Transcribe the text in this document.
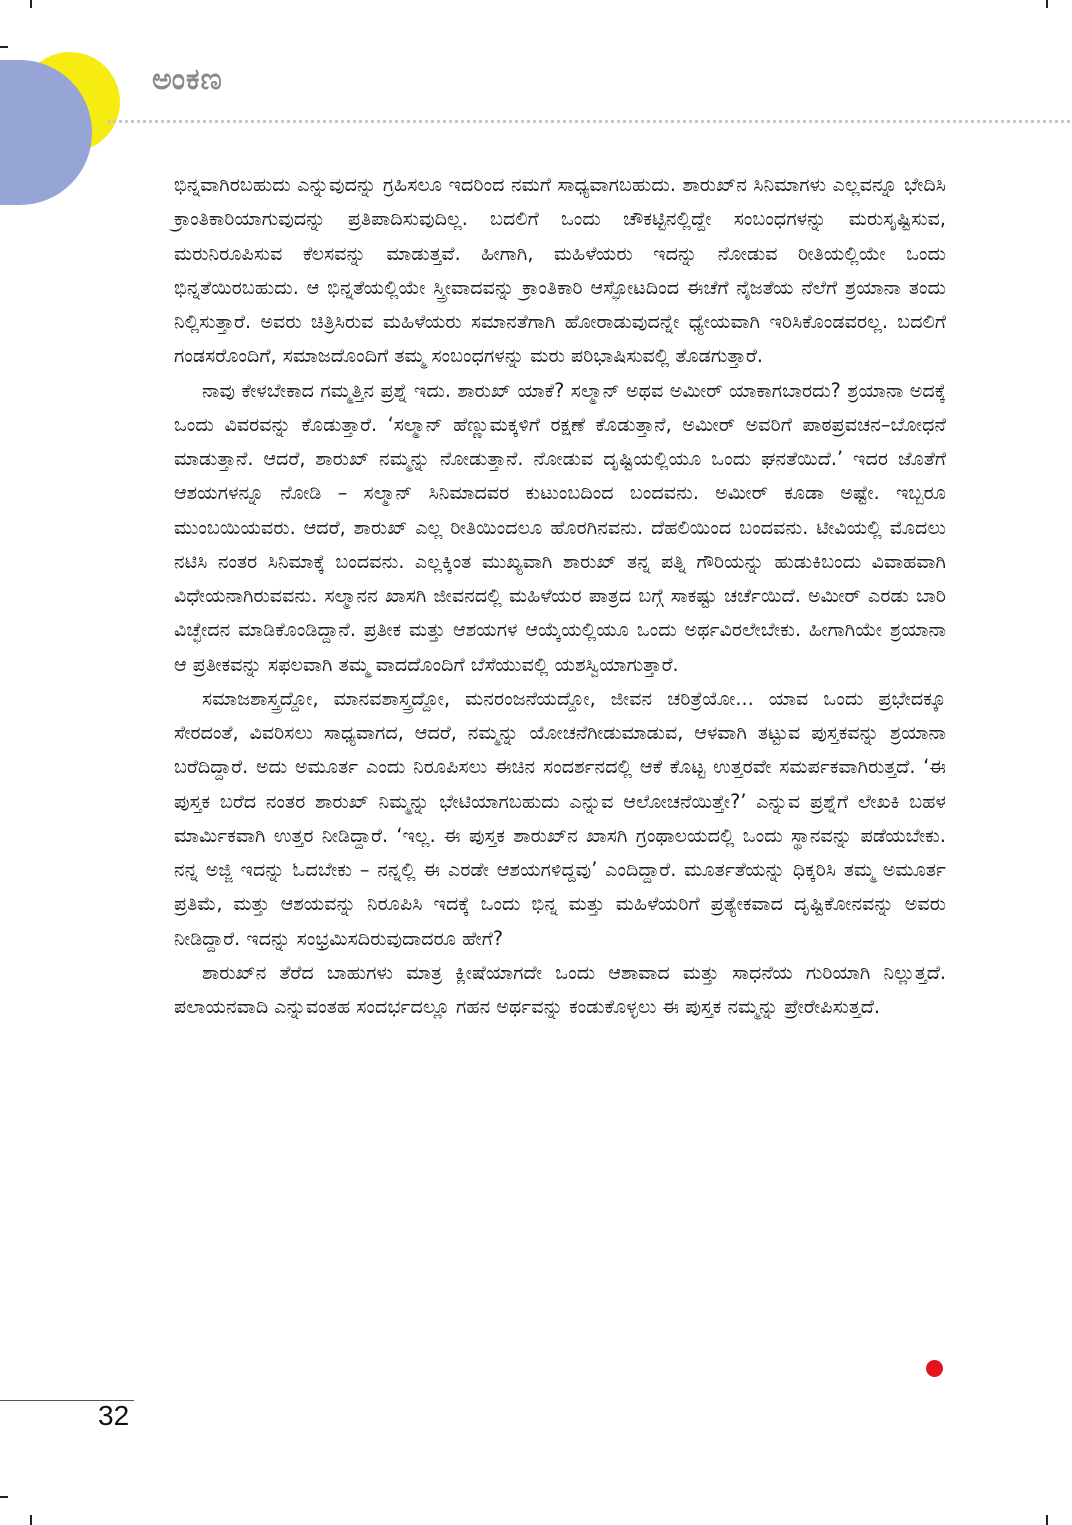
ಅಂಕಣ

ಭಿನ್ನವಾಗಿರಬಹುದು ಎನ್ನುವುದನ್ನು ಗ್ರಹಿಸಲೂ ಇದರಿಂದ ನಮಗೆ ಸಾಧ್ಯವಾಗಬಹುದು. ಶಾರುಖ್‌ನ ಸಿನಿಮಾಗಳು ಎಲ್ಲವನ್ನೂ ಭೇದಿಸಿ ಕ್ರಾಂತಿಕಾರಿಯಾಗುವುದನ್ನು ಪ್ರತಿಪಾದಿಸುವುದಿಲ್ಲ. ಬದಲಿಗೆ ಒಂದು ಚೌಕಟ್ಟಿನಲ್ಲಿದ್ದೇ ಸಂಬಂಧಗಳನ್ನು ಮರುಸೃಷ್ಟಿಸುವ, ಮರುನಿರೂಪಿಸುವ ಕೆಲಸವನ್ನು ಮಾಡುತ್ತವೆ. ಹೀಗಾಗಿ, ಮಹಿಳೆಯರು ಇದನ್ನು ನೋಡುವ ರೀತಿಯಲ್ಲಿಯೇ ಒಂದು ಭಿನ್ನತೆಯಿರಬಹುದು. ಆ ಭಿನ್ನತೆಯಲ್ಲಿಯೇ ಸ್ತ್ರೀವಾದವನ್ನು ಕ್ರಾಂತಿಕಾರಿ ಆಸ್ಫೋಟದಿಂದ ಈಚೆಗೆ ನೈಜತೆಯ ನೆಲೆಗೆ ಶ್ರಯಾನಾ ತಂದು ನಿಲ್ಲಿಸುತ್ತಾರೆ. ಅವರು ಚಿತ್ರಿಸಿರುವ ಮಹಿಳೆಯರು ಸಮಾನತೆಗಾಗಿ ಹೋರಾಡುವುದನ್ನೇ ಧ್ಯೇಯವಾಗಿ ಇರಿಸಿಕೊಂಡವರಲ್ಲ. ಬದಲಿಗೆ ಗಂಡಸರೊಂದಿಗೆ, ಸಮಾಜದೊಂದಿಗೆ ತಮ್ಮ ಸಂಬಂಧಗಳನ್ನು ಮರು ಪರಿಭಾಷಿಸುವಲ್ಲಿ ತೊಡಗುತ್ತಾರೆ.

ನಾವು ಕೇಳಬೇಕಾದ ಗಮ್ಮತ್ತಿನ ಪ್ರಶ್ನೆ ಇದು. ಶಾರುಖ್ ಯಾಕೆ? ಸಲ್ಮಾನ್ ಅಥವ ಅಮೀರ್ ಯಾಕಾಗಬಾರದು? ಶ್ರಯಾನಾ ಅದಕ್ಕೆ ಒಂದು ವಿವರವನ್ನು ಕೊಡುತ್ತಾರೆ. ‘ಸಲ್ಮಾನ್ ಹೆಣ್ಣುಮಕ್ಕಳಿಗೆ ರಕ್ಷಣೆ ಕೊಡುತ್ತಾನೆ, ಅಮೀರ್ ಅವರಿಗೆ ಪಾಠಪ್ರವಚನ–ಬೋಧನೆ ಮಾಡುತ್ತಾನೆ. ಆದರೆ, ಶಾರುಖ್ ನಮ್ಮನ್ನು ನೋಡುತ್ತಾನೆ. ನೋಡುವ ದೃಷ್ಟಿಯಲ್ಲಿಯೂ ಒಂದು ಘನತೆಯಿದೆ.’ ಇದರ ಜೊತೆಗೆ ಆಶಯಗಳನ್ನೂ ನೋಡಿ – ಸಲ್ಮಾನ್ ಸಿನಿಮಾದವರ ಕುಟುಂಬದಿಂದ ಬಂದವನು. ಅಮೀರ್ ಕೂಡಾ ಅಷ್ಟೇ. ಇಬ್ಬರೂ ಮುಂಬಯಿಯವರು. ಆದರೆ, ಶಾರುಖ್ ಎಲ್ಲ ರೀತಿಯಿಂದಲೂ ಹೊರಗಿನವನು. ದೆಹಲಿಯಿಂದ ಬಂದವನು. ಟೀವಿಯಲ್ಲಿ ಮೊದಲು ನಟಿಸಿ ನಂತರ ಸಿನಿಮಾಕ್ಕೆ ಬಂದವನು. ಎಲ್ಲಕ್ಕಿಂತ ಮುಖ್ಯವಾಗಿ ಶಾರುಖ್ ತನ್ನ ಪತ್ನಿ ಗೌರಿಯನ್ನು ಹುಡುಕಿಬಂದು ವಿವಾಹವಾಗಿ ವಿಧೇಯನಾಗಿರುವವನು. ಸಲ್ಮಾನನ ಖಾಸಗಿ ಜೀವನದಲ್ಲಿ ಮಹಿಳೆಯರ ಪಾತ್ರದ ಬಗ್ಗೆ ಸಾಕಷ್ಟು ಚರ್ಚೆಯಿದೆ. ಅಮೀರ್ ಎರಡು ಬಾರಿ ವಿಚ್ಛೇದನ ಮಾಡಿಕೊಂಡಿದ್ದಾನೆ. ಪ್ರತೀಕ ಮತ್ತು ಆಶಯಗಳ ಆಯ್ಕೆಯಲ್ಲಿಯೂ ಒಂದು ಅರ್ಥವಿರಲೇಬೇಕು. ಹೀಗಾಗಿಯೇ ಶ್ರಯಾನಾ ಆ ಪ್ರತೀಕವನ್ನು ಸಫಲವಾಗಿ ತಮ್ಮ ವಾದದೊಂದಿಗೆ ಬೆಸೆಯುವಲ್ಲಿ ಯಶಸ್ವಿಯಾಗುತ್ತಾರೆ.

ಸಮಾಜಶಾಸ್ತ್ರದ್ದೋ, ಮಾನವಶಾಸ್ತ್ರದ್ದೋ, ಮನರಂಜನೆಯದ್ದೋ, ಜೀವನ ಚರಿತ್ರೆಯೋ... ಯಾವ ಒಂದು ಪ್ರಭೇದಕ್ಕೂ ಸೇರದಂತೆ, ವಿವರಿಸಲು ಸಾಧ್ಯವಾಗದ, ಆದರೆ, ನಮ್ಮನ್ನು ಯೋಚನೆಗೀಡುಮಾಡುವ, ಆಳವಾಗಿ ತಟ್ಟುವ ಪುಸ್ತಕವನ್ನು ಶ್ರಯಾನಾ ಬರೆದಿದ್ದಾರೆ. ಅದು ಅಮೂರ್ತ ಎಂದು ನಿರೂಪಿಸಲು ಈಚಿನ ಸಂದರ್ಶನದಲ್ಲಿ ಆಕೆ ಕೊಟ್ಟ ಉತ್ತರವೇ ಸಮರ್ಪಕವಾಗಿರುತ್ತದೆ. ‘ಈ ಪುಸ್ತಕ ಬರೆದ ನಂತರ ಶಾರುಖ್ ನಿಮ್ಮನ್ನು ಭೇಟಿಯಾಗಬಹುದು ಎನ್ನುವ ಆಲೋಚನೆಯಿತ್ತೇ?’ ಎನ್ನುವ ಪ್ರಶ್ನೆಗೆ ಲೇಖಕಿ ಬಹಳ ಮಾರ್ಮಿಕವಾಗಿ ಉತ್ತರ ನೀಡಿದ್ದಾರೆ. ‘ಇಲ್ಲ. ಈ ಪುಸ್ತಕ ಶಾರುಖ್‌ನ ಖಾಸಗಿ ಗ್ರಂಥಾಲಯದಲ್ಲಿ ಒಂದು ಸ್ಥಾನವನ್ನು ಪಡೆಯಬೇಕು. ನನ್ನ ಅಜ್ಜಿ ಇದನ್ನು ಓದಬೇಕು – ನನ್ನಲ್ಲಿ ಈ ಎರಡೇ ಆಶಯಗಳಿದ್ದವು’ ಎಂದಿದ್ದಾರೆ. ಮೂರ್ತತೆಯನ್ನು ಧಿಕ್ಕರಿಸಿ ತಮ್ಮ ಅಮೂರ್ತ ಪ್ರತಿಮೆ, ಮತ್ತು ಆಶಯವನ್ನು ನಿರೂಪಿಸಿ ಇದಕ್ಕೆ ಒಂದು ಭಿನ್ನ ಮತ್ತು ಮಹಿಳೆಯರಿಗೆ ಪ್ರತ್ಯೇಕವಾದ ದೃಷ್ಟಿಕೋನವನ್ನು ಅವರು ನೀಡಿದ್ದಾರೆ. ಇದನ್ನು ಸಂಭ್ರಮಿಸದಿರುವುದಾದರೂ ಹೇಗೆ?

ಶಾರುಖ್‌ನ ತೆರೆದ ಬಾಹುಗಳು ಮಾತ್ರ ಕ್ಲೀಷೆಯಾಗದೇ ಒಂದು ಆಶಾವಾದ ಮತ್ತು ಸಾಧನೆಯ ಗುರಿಯಾಗಿ ನಿಲ್ಲುತ್ತದೆ. ಪಲಾಯನವಾದಿ ಎನ್ನುವಂತಹ ಸಂದರ್ಭದಲ್ಲೂ ಗಹನ ಅರ್ಥವನ್ನು ಕಂಡುಕೊಳ್ಳಲು ಈ ಪುಸ್ತಕ ನಮ್ಮನ್ನು ಪ್ರೇರೇಪಿಸುತ್ತದೆ.

32
